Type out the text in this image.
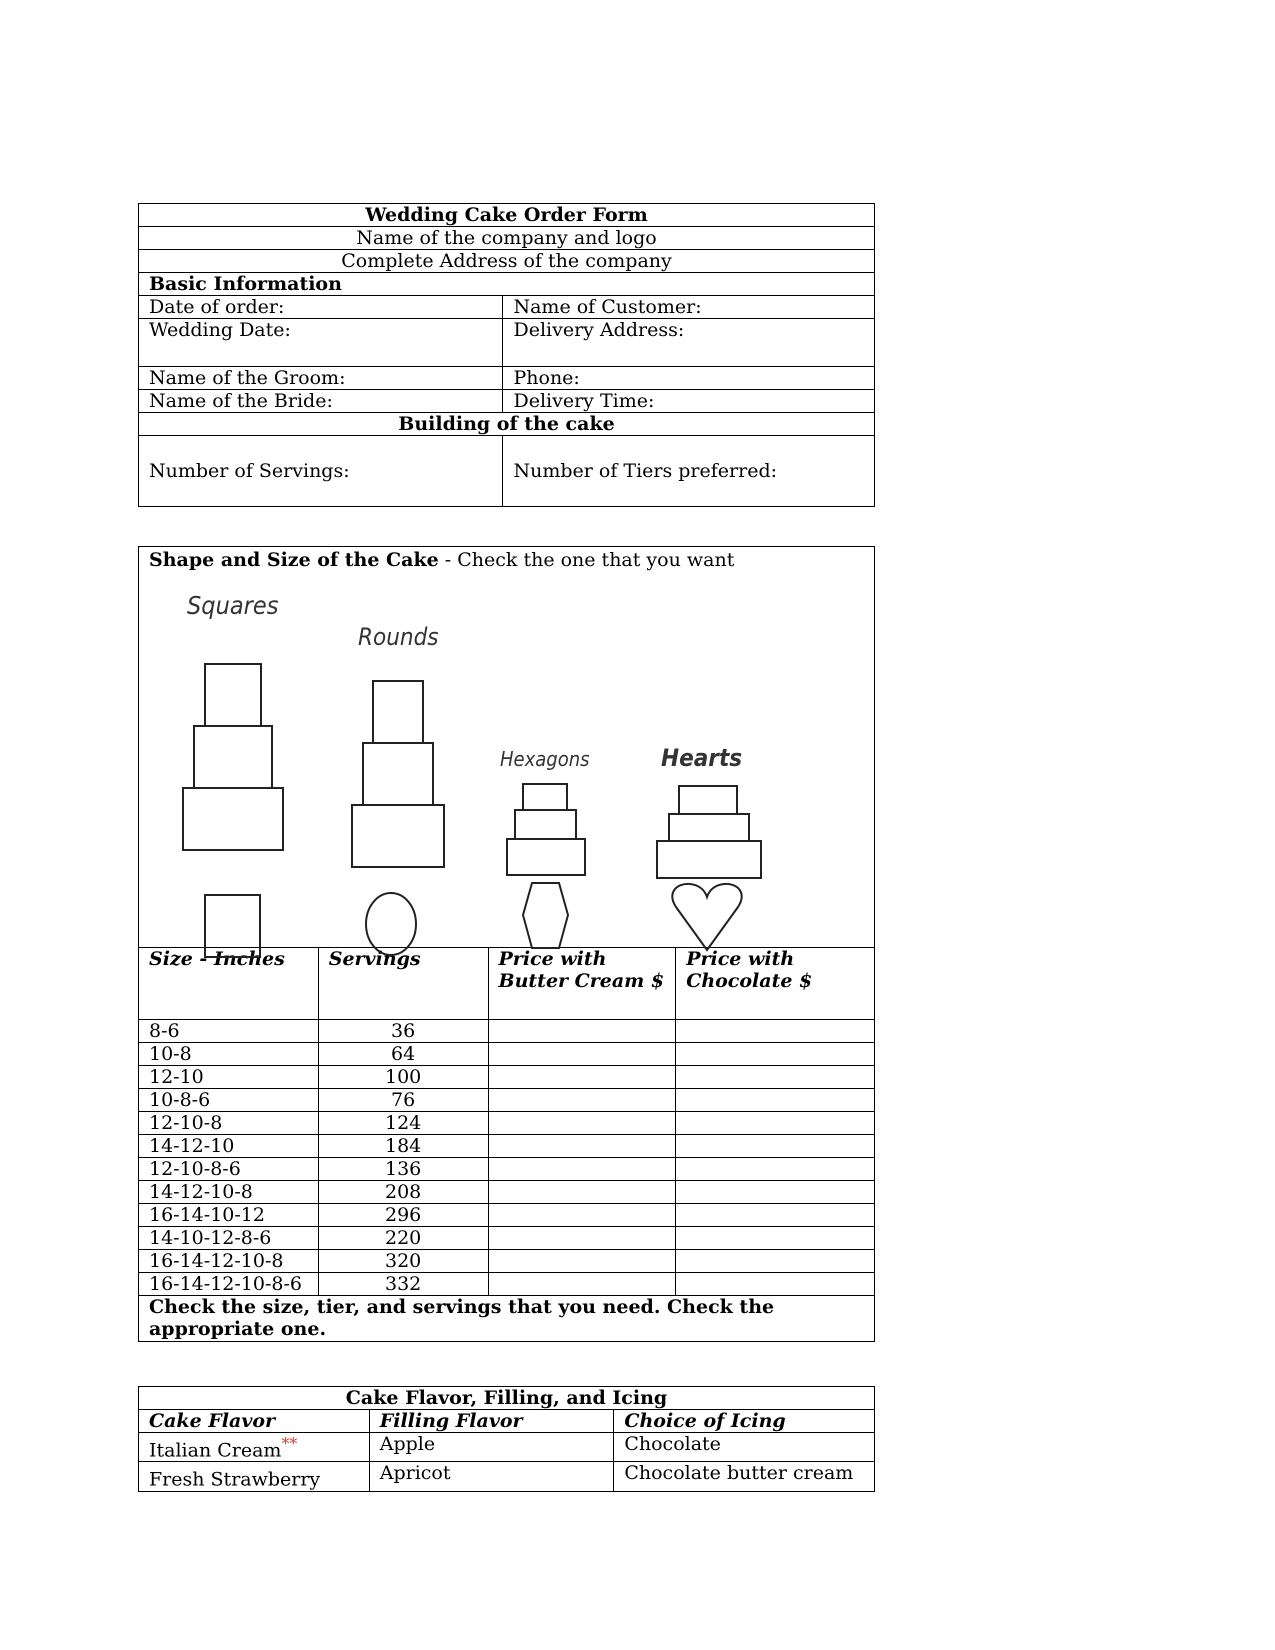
Wedding Cake Order Form	
Name of the company and logo	
Complete Address of the company	
Basic Information	
Date of order:	Name of Customer:
Wedding Date:	Delivery Address:
Name of the Groom:	Phone:
Name of the Bride:	Delivery Time:
Building of the cake	
Number of Servings:	Number of Tiers preferred:
Squares
Rounds
Hexagons Hearts
Shape and Size of the Cake - Check the one that you want			

Size - Inches	Servings	Price with Butter Cream $	Price with Chocolate $
8-6	36		
10-8	64		
12-10	100		
10-8-6	76		
12-10-8	124		
14-12-10	184		
12-10-8-6	136		
14-12-10-8	208		
16-14-10-12	296		
14-10-12-8-6	220		
16-14-12-10-8	320		
16-14-12-10-8-6	332		
Check the size, tier, and servings that you need. Check the appropriate one.			
Cake Flavor, Filling, and Icing		
Cake Flavor	Filling Flavor	Choice of Icing
Italian Cream**	Apple	Chocolate
Fresh Strawberry	Apricot	Chocolate butter cream
